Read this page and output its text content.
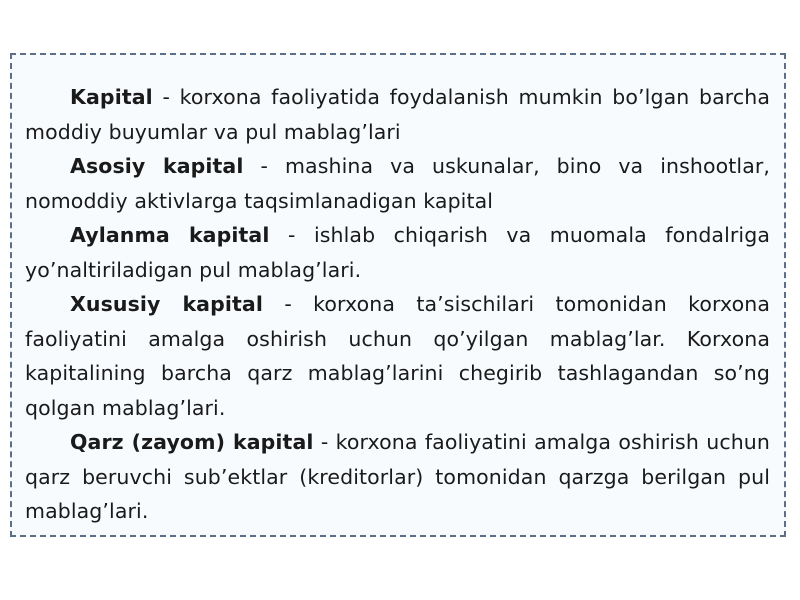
Kapital - korxona faoliyatida foydalanish mumkin bo’lgan barcha moddiy buyumlar va pul mablag’lari

Asosiy kapital - mashina va uskunalar, bino va inshootlar, nomoddiy aktivlarga taqsimlanadigan kapital

Aylanma kapital - ishlab chiqarish va muomala fondalriga yo’naltiriladigan pul mablag’lari.

Xususiy kapital - korxona ta’sischilari tomonidan korxona faoliyatini amalga oshirish uchun qo’yilgan mablag’lar. Korxona kapitalining barcha qarz mablag’larini chegirib tashlagandan so’ng qolgan mablag’lari.

Qarz (zayom) kapital - korxona faoliyatini amalga oshirish uchun qarz beruvchi sub’ektlar (kreditorlar) tomonidan qarzga berilgan pul mablag’lari.
